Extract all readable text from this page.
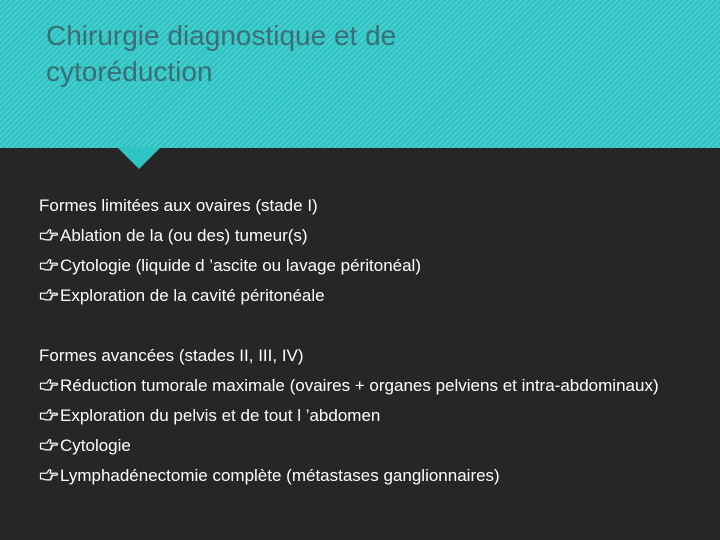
Chirurgie diagnostique et de
cytoréduction
Formes limitées aux ovaires (stade I)
Ablation de la (ou des) tumeur(s)
Cytologie (liquide d ’ascite ou lavage péritonéal)
Exploration de la cavité péritonéale
Formes avancées (stades II, III, IV)
Réduction tumorale maximale (ovaires + organes pelviens et intra-abdominaux)
Exploration du pelvis et de tout l ’abdomen
Cytologie
Lymphadénectomie complète (métastases ganglionnaires)
